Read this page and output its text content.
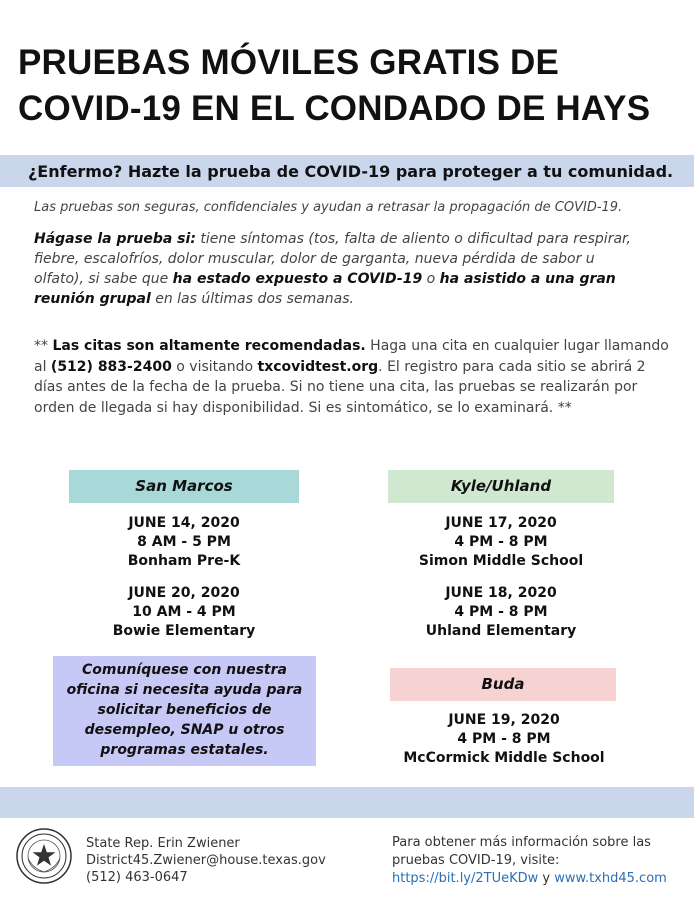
PRUEBAS MÓVILES GRATIS DE
COVID-19 EN EL CONDADO DE HAYS
¿Enfermo? Hazte la prueba de COVID-19 para proteger a tu comunidad.
Las pruebas son seguras, confidenciales y ayudan a retrasar la propagación de COVID-19.
Hágase la prueba si: tiene síntomas (tos, falta de aliento o dificultad para respirar, fiebre, escalofríos, dolor muscular, dolor de garganta, nueva pérdida de sabor u olfato), si sabe que ha estado expuesto a COVID-19 o ha asistido a una gran reunión grupal en las últimas dos semanas.
** Las citas son altamente recomendadas. Haga una cita en cualquier lugar llamando al (512) 883-2400 o visitando txcovidtest.org. El registro para cada sitio se abrirá 2 días antes de la fecha de la prueba. Si no tiene una cita, las pruebas se realizarán por orden de llegada si hay disponibilidad. Si es sintomático, se lo examinará. **
San Marcos
JUNE 14, 2020
8 AM - 5 PM
Bonham Pre-K
JUNE 20, 2020
10 AM - 4 PM
Bowie Elementary
Kyle/Uhland
JUNE 17, 2020
4 PM - 8 PM
Simon Middle School
JUNE 18, 2020
4 PM - 8 PM
Uhland Elementary
Comuníquese con nuestra oficina si necesita ayuda para solicitar beneficios de desempleo, SNAP u otros programas estatales.
Buda
JUNE 19, 2020
4 PM - 8 PM
McCormick Middle School
State Rep. Erin Zwiener
District45.Zwiener@house.texas.gov
(512) 463-0647
Para obtener más información sobre las pruebas COVID-19, visite:
https://bit.ly/2TUeKDw y www.txhd45.com
